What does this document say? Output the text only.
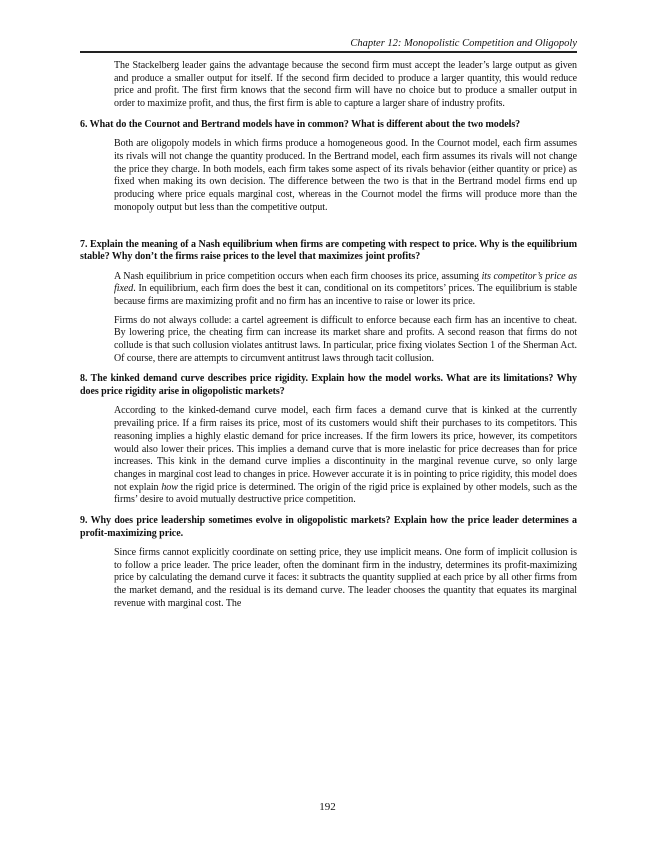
Chapter 12: Monopolistic Competition and Oligopoly

The Stackelberg leader gains the advantage because the second firm must accept the leader’s large output as given and produce a smaller output for itself. If the second firm decided to produce a larger quantity, this would reduce price and profit. The first firm knows that the second firm will have no choice but to produce a smaller output in order to maximize profit, and thus, the first firm is able to capture a larger share of industry profits.

6. What do the Cournot and Bertrand models have in common? What is different about the two models?

Both are oligopoly models in which firms produce a homogeneous good. In the Cournot model, each firm assumes its rivals will not change the quantity produced. In the Bertrand model, each firm assumes its rivals will not change the price they charge. In both models, each firm takes some aspect of its rivals behavior (either quantity or price) as fixed when making its own decision. The difference between the two is that in the Bertrand model firms end up producing where price equals marginal cost, whereas in the Cournot model the firms will produce more than the monopoly output but less than the competitive output.

7. Explain the meaning of a Nash equilibrium when firms are competing with respect to price. Why is the equilibrium stable? Why don’t the firms raise prices to the level that maximizes joint profits?

A Nash equilibrium in price competition occurs when each firm chooses its price, assuming its competitor’s price as fixed. In equilibrium, each firm does the best it can, conditional on its competitors’ prices. The equilibrium is stable because firms are maximizing profit and no firm has an incentive to raise or lower its price.

Firms do not always collude: a cartel agreement is difficult to enforce because each firm has an incentive to cheat. By lowering price, the cheating firm can increase its market share and profits. A second reason that firms do not collude is that such collusion violates antitrust laws. In particular, price fixing violates Section 1 of the Sherman Act. Of course, there are attempts to circumvent antitrust laws through tacit collusion.

8. The kinked demand curve describes price rigidity. Explain how the model works. What are its limitations? Why does price rigidity arise in oligopolistic markets?

According to the kinked-demand curve model, each firm faces a demand curve that is kinked at the currently prevailing price. If a firm raises its price, most of its customers would shift their purchases to its competitors. This reasoning implies a highly elastic demand for price increases. If the firm lowers its price, however, its competitors would also lower their prices. This implies a demand curve that is more inelastic for price decreases than for price increases. This kink in the demand curve implies a discontinuity in the marginal revenue curve, so only large changes in marginal cost lead to changes in price. However accurate it is in pointing to price rigidity, this model does not explain how the rigid price is determined. The origin of the rigid price is explained by other models, such as the firms’ desire to avoid mutually destructive price competition.

9. Why does price leadership sometimes evolve in oligopolistic markets? Explain how the price leader determines a profit-maximizing price.

Since firms cannot explicitly coordinate on setting price, they use implicit means. One form of implicit collusion is to follow a price leader. The price leader, often the dominant firm in the industry, determines its profit-maximizing price by calculating the demand curve it faces: it subtracts the quantity supplied at each price by all other firms from the market demand, and the residual is its demand curve. The leader chooses the quantity that equates its marginal revenue with marginal cost. The

192
